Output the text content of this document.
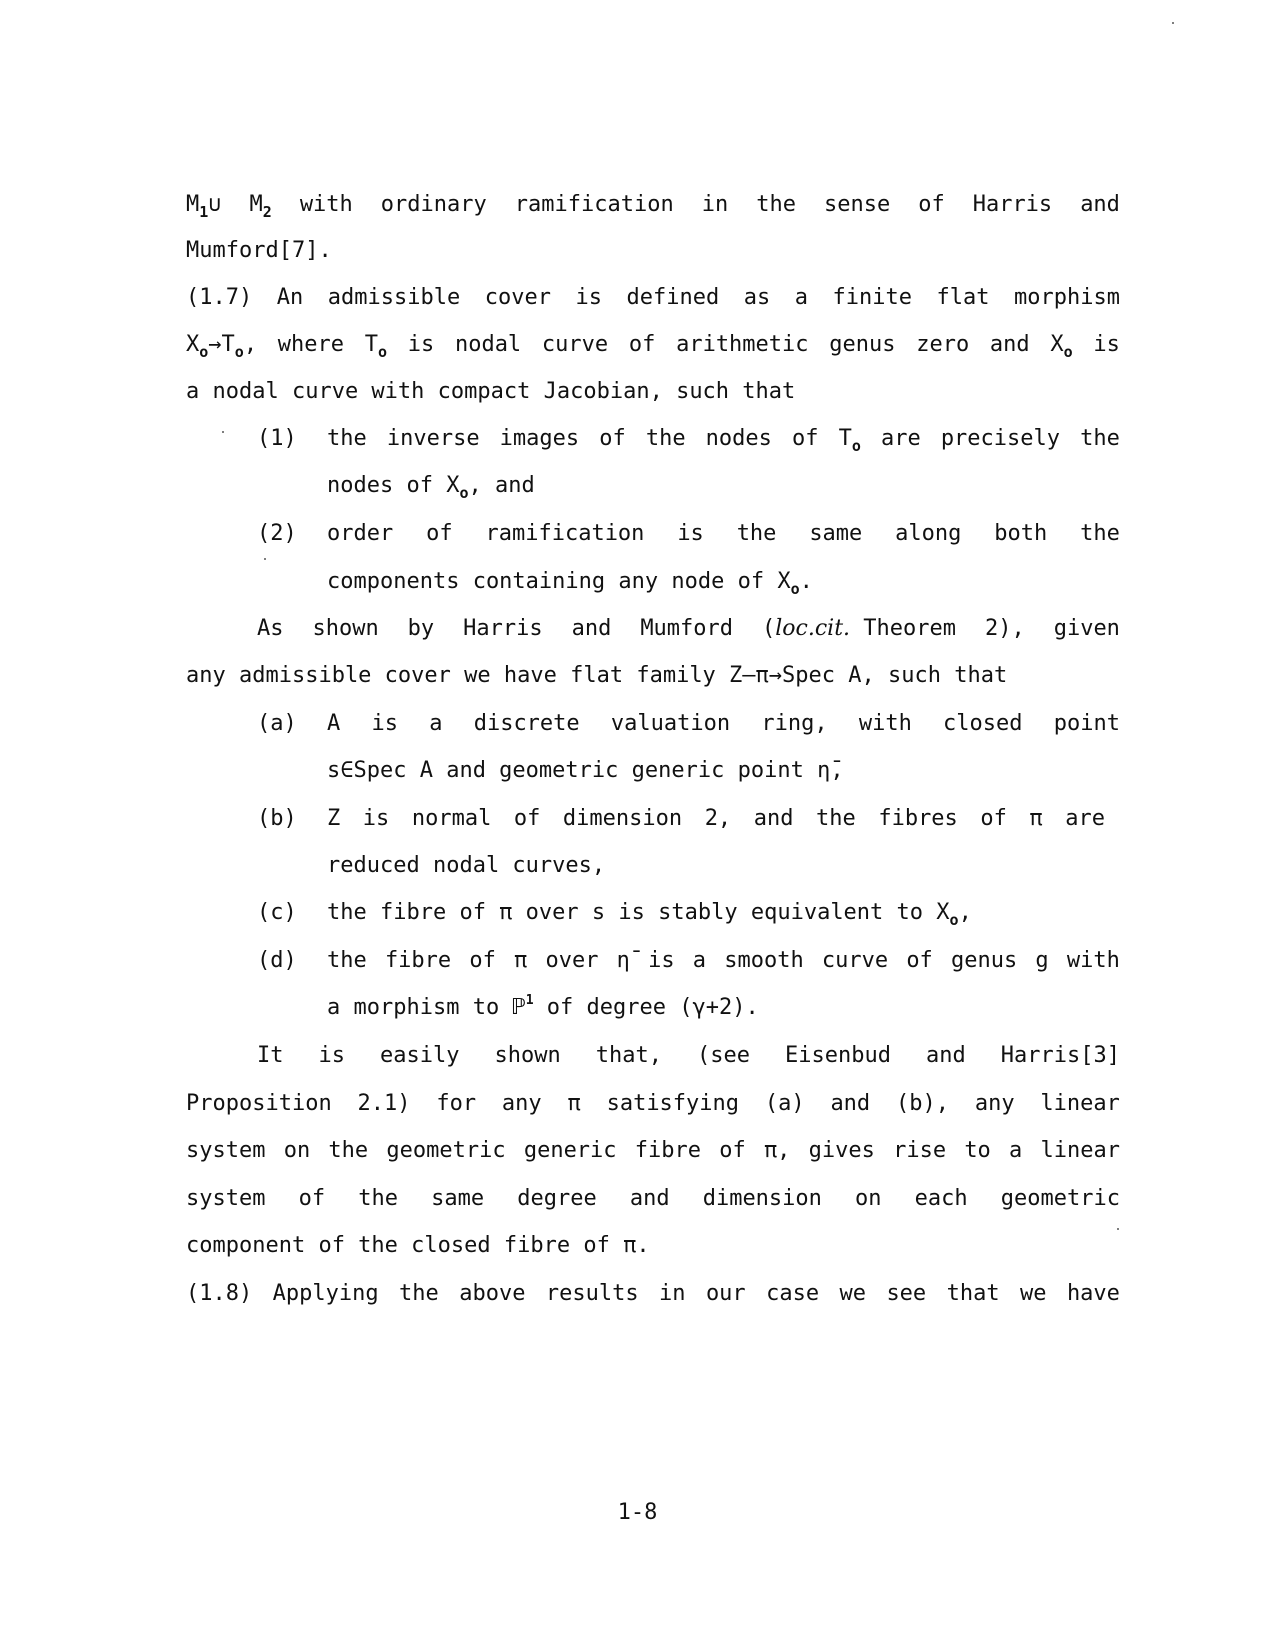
$M_1\cup$ $M_2$ with ordinary ramification in the sense of Harris and
Mumford[7].
(1.7) An admissible cover is defined as a finite flat morphism
$X_o\to T_o$, where $T_o$ is nodal curve of arithmetic genus zero and $X_o$ is
a nodal curve with compact Jacobian, such that
(1) the inverse images of the nodes of $T_o$ are precisely the
nodes of $X_o$, and
(2) order of ramification is the same along both the
components containing any node of $X_o$.
As shown by Harris and Mumford (loc.cit. Theorem 2), given
any admissible cover we have flat family Z—π→Spec A, such that
(a) A is a discrete valuation ring, with closed point
s∈Spec A and geometric generic point η̄,
(b) Z is normal of dimension 2, and the fibres of π are
reduced nodal curves,
(c) the fibre of π over s is stably equivalent to $X_o$,
(d) the fibre of π over η̄ is a smooth curve of genus g with
a morphism to ℙ$^1$ of degree (γ+2).
It is easily shown that, (see Eisenbud and Harris[3]
Proposition 2.1) for any π satisfying (a) and (b), any linear
system on the geometric generic fibre of π, gives rise to a linear
system of the same degree and dimension on each geometric
component of the closed fibre of π.
(1.8) Applying the above results in our case we see that we have
1-8
